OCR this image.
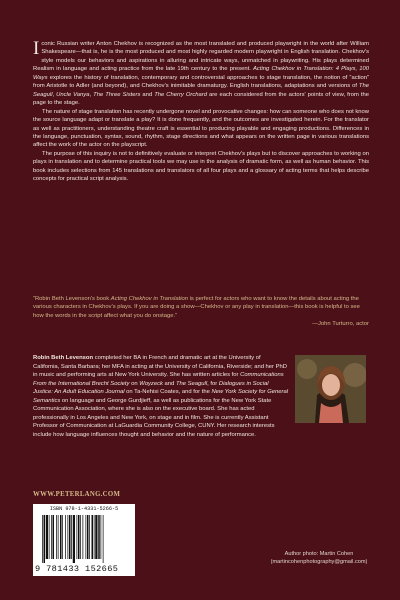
Iconic Russian writer Anton Chekhov is recognized as the most translated and produced playwright in the world after William Shakespeare—that is, he is the most produced and most highly regarded modern playwright in English translation. Chekhov's style models our behaviors and aspirations in alluring and intricate ways, unmatched in playwriting. His plays determined Realism in language and acting practice from the late 19th century to the present. Acting Chekhov in Translation: 4 Plays, 100 Ways explores the history of translation, contemporary and controversial approaches to stage translation, the notion of “action” from Aristotle to Adler (and beyond), and Chekhov's inimitable dramaturgy. English translations, adaptations and versions of The Seagull, Uncle Vanya, The Three Sisters and The Cherry Orchard are each considered from the actors' points of view, from the page to the stage.

The nature of stage translation has recently undergone novel and provocative changes: how can someone who does not know the source language adapt or translate a play? It is done frequently, and the outcomes are investigated herein. For the translator as well as practitioners, understanding theatre craft is essential to producing playable and engaging productions. Differences in the language, punctuation, syntax, sound, rhythm, stage directions and what appears on the written page in various translations affect the work of the actor on the playscript.

The purpose of this inquiry is not to definitively evaluate or interpret Chekhov's plays but to discover approaches to working on plays in translation and to determine practical tools we may use in the analysis of dramatic form, as well as human behavior. This book includes selections from 145 translations and translators of all four plays and a glossary of acting terms that helps describe concepts for practical script analysis.

“Robin Beth Levenson's book Acting Chekhov in Translation is perfect for actors who want to know the details about acting the various characters in Chekhov's plays. If you are doing a show—Chekhov or any play in translation—this book is helpful to see how the words in the script affect what you do onstage.”
—John Turturro, actor

Robin Beth Levenson completed her BA in French and dramatic art at the University of California, Santa Barbara; her MFA in acting at the University of California, Riverside; and her PhD in music and performing arts at New York University. She has written articles for Communications From the International Brecht Society on Woyzeck and The Seagull, for Dialogues in Social Justice: An Adult Education Journal on Ta-Nehisi Coates, and for the New York Society for General Semantics on language and George Gurdjieff, as well as publications for the New York State Communication Association, where she is also on the executive board. She has acted professionally in Los Angeles and New York, on stage and in film. She is currently Assistant Professor of Communication at LaGuardia Community College, CUNY. Her research interests include how language influences thought and behavior and the nature of performance.

WWW.PETERLANG.COM
ISBN 978-1-4331-5266-5
9 781433 152665
Author photo: Martin Cohen
(martincohenphotography@gmail.com)
